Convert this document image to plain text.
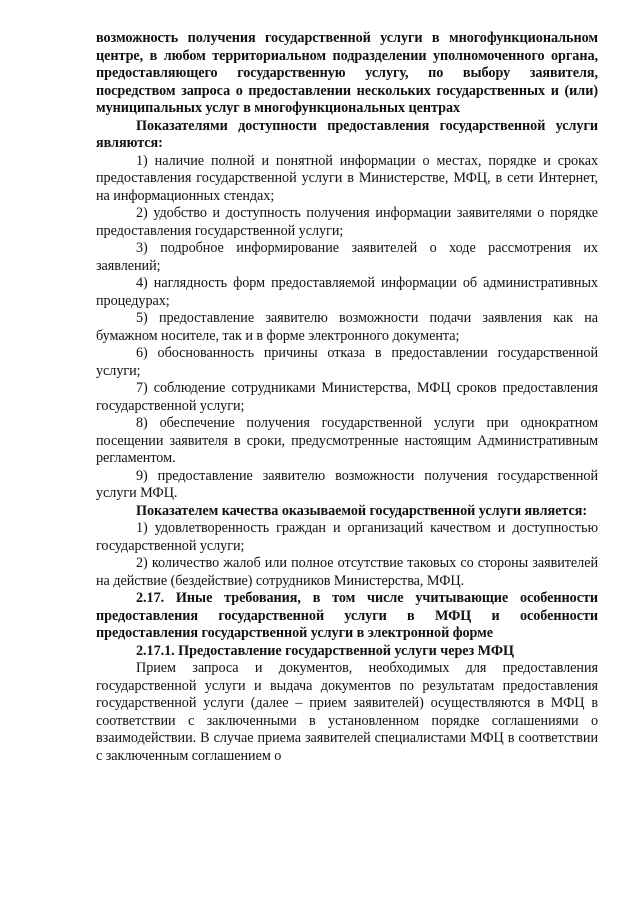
возможность получения государственной услуги в многофункциональном центре, в любом территориальном подразделении уполномоченного органа, предоставляющего государственную услугу, по выбору заявителя, посредством запроса о предоставлении нескольких государственных и (или) муниципальных услуг в многофункциональных центрах

Показателями доступности предоставления государственной услуги являются:

1) наличие полной и понятной информации о местах, порядке и сроках предоставления государственной услуги в Министерстве, МФЦ, в сети Интернет, на информационных стендах;

2) удобство и доступность получения информации заявителями о порядке предоставления государственной услуги;

3) подробное информирование заявителей о ходе рассмотрения их заявлений;

4) наглядность форм предоставляемой информации об административных процедурах;

5) предоставление заявителю возможности подачи заявления как на бумажном носителе, так и в форме электронного документа;

6) обоснованность причины отказа в предоставлении государственной услуги;

7) соблюдение сотрудниками Министерства, МФЦ сроков предоставления государственной услуги;

8) обеспечение получения государственной услуги при однократном посещении заявителя в сроки, предусмотренные настоящим Административным регламентом.

9) предоставление заявителю возможности получения государственной услуги МФЦ.

Показателем качества оказываемой государственной услуги является:

1) удовлетворенность граждан и организаций качеством и доступностью государственной услуги;

2) количество жалоб или полное отсутствие таковых со стороны заявителей на действие (бездействие) сотрудников Министерства, МФЦ.

2.17. Иные требования, в том числе учитывающие особенности предоставления государственной услуги в МФЦ и особенности предоставления государственной услуги в электронной форме

2.17.1. Предоставление государственной услуги через МФЦ

Прием запроса и документов, необходимых для предоставления государственной услуги и выдача документов по результатам предоставления государственной услуги (далее – прием заявителей) осуществляются в МФЦ в соответствии с заключенными в установленном порядке соглашениями о взаимодействии. В случае приема заявителей специалистами МФЦ в соответствии с заключенным соглашением о
